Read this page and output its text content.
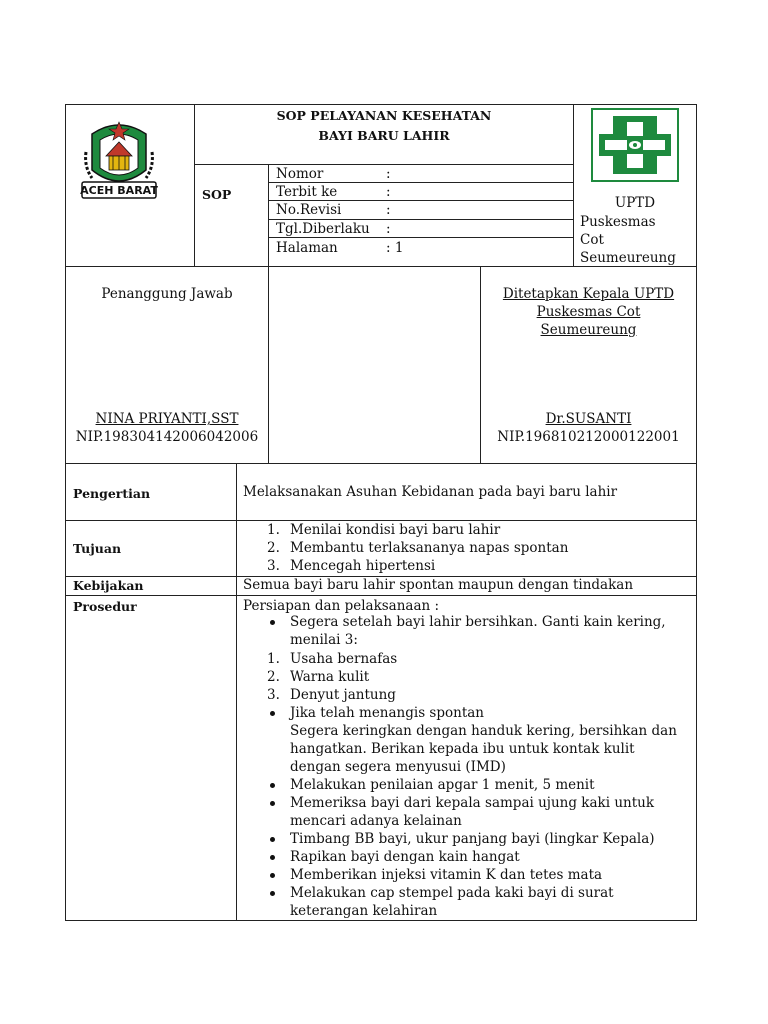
ACEH BARAT
SOP PELAYANAN KESEHATAN
BAYI BARU LAHIR
SOP
Nomor	:
Terbit ke	:
No.Revisi	:
Tgl.Diberlaku :
Halaman	: 1
UPTD
Puskesmas
Cot
Seumeureung
Penanggung Jawab
NINA PRIYANTI,SST
NIP.198304142006042006
Ditetapkan Kepala UPTD
Puskesmas Cot
Seumeureung
Dr.SUSANTI
NIP.196810212000122001
Pengertian	Melaksanakan Asuhan Kebidanan pada bayi baru lahir
Tujuan
1. Menilai kondisi bayi baru lahir
2. Membantu terlaksananya napas spontan
3. Mencegah hipertensi
Kebijakan	Semua bayi baru lahir spontan maupun dengan tindakan
Prosedur	Persiapan dan pelaksanaan :
Segera setelah bayi lahir bersihkan. Ganti kain kering,
menilai 3:
1. Usaha bernafas
2. Warna kulit
3. Denyut jantung
Jika telah menangis spontan
Segera keringkan dengan handuk kering, bersihkan dan
hangatkan. Berikan kepada ibu untuk kontak kulit
dengan segera menyusui (IMD)
Melakukan penilaian apgar 1 menit, 5 menit
Memeriksa bayi dari kepala sampai ujung kaki untuk
mencari adanya kelainan
Timbang BB bayi, ukur panjang bayi (lingkar Kepala)
Rapikan bayi dengan kain hangat
Memberikan injeksi vitamin K dan tetes mata
Melakukan cap stempel pada kaki bayi di surat
keterangan kelahiran
